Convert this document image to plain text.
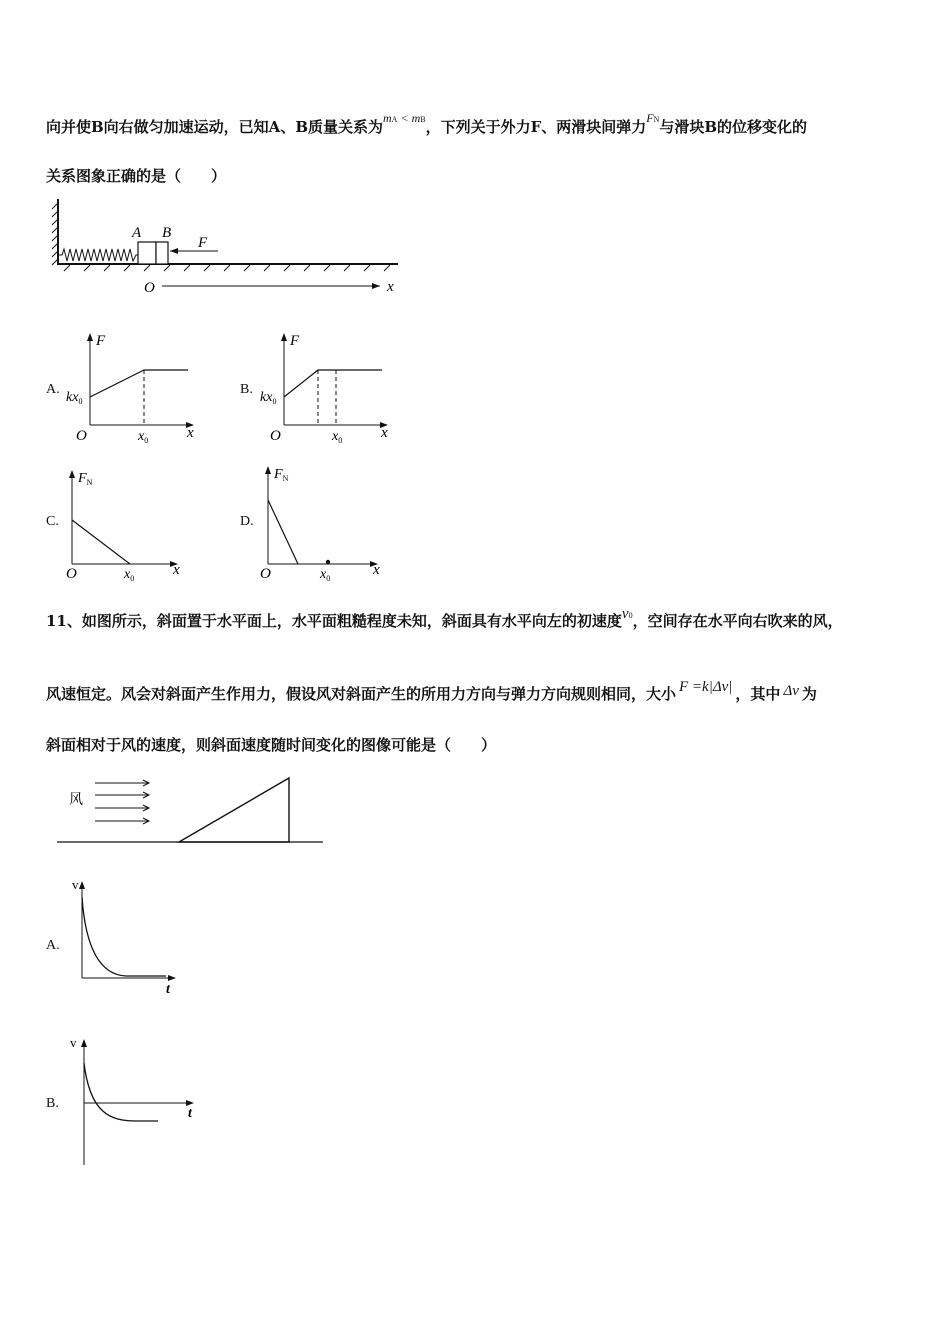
向并使B向右做匀加速运动，已知A、B质量关系为$^{mA < mB}$，下列关于外力F、两滑块间弹力$^{FN}$与滑块B的位移变化的
关系图象正确的是（　　）
A B
F
O	x
A.
F
$kx_0$
O	$x_0$	x
B.
F
$kx_0$
O	$x_0$	x
C.
$F_N$
O	$x_0$
x
D.
$F_N$
O	$x_0$
x
11、如图所示，斜面置于水平面上，水平面粗糙程度未知，斜面具有水平向左的初速度v0，空间存在水平向右吹来的风，
风速恒定。风会对斜面产生作用力，假设风对斜面产生的所用力方向与弹力方向规则相同，大小 F =k|Δv| ，其中 Δv 为
斜面相对于风的速度，则斜面速度随时间变化的图像可能是（　　）
风
A.
v
t
B.
v
t
